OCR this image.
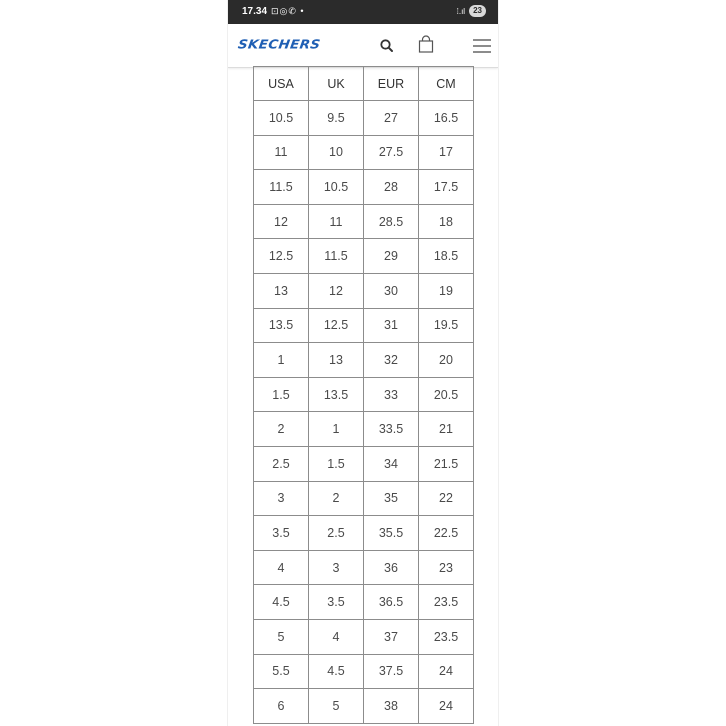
17.34 ⊡◎✆ •	⁞.ıl	23
SKECHERS
USA	UK	EUR	CM
10.5	9.5	27	16.5
11	10	27.5	17
11.5	10.5	28	17.5
12	11	28.5	18
12.5	11.5	29	18.5
13	12	30	19
13.5	12.5	31	19.5
1	13	32	20
1.5	13.5	33	20.5
2	1	33.5	21
2.5	1.5	34	21.5
3	2	35	22
3.5	2.5	35.5	22.5
4	3	36	23
4.5	3.5	36.5	23.5
5	4	37	23.5
5.5	4.5	37.5	24
6	5	38	24
